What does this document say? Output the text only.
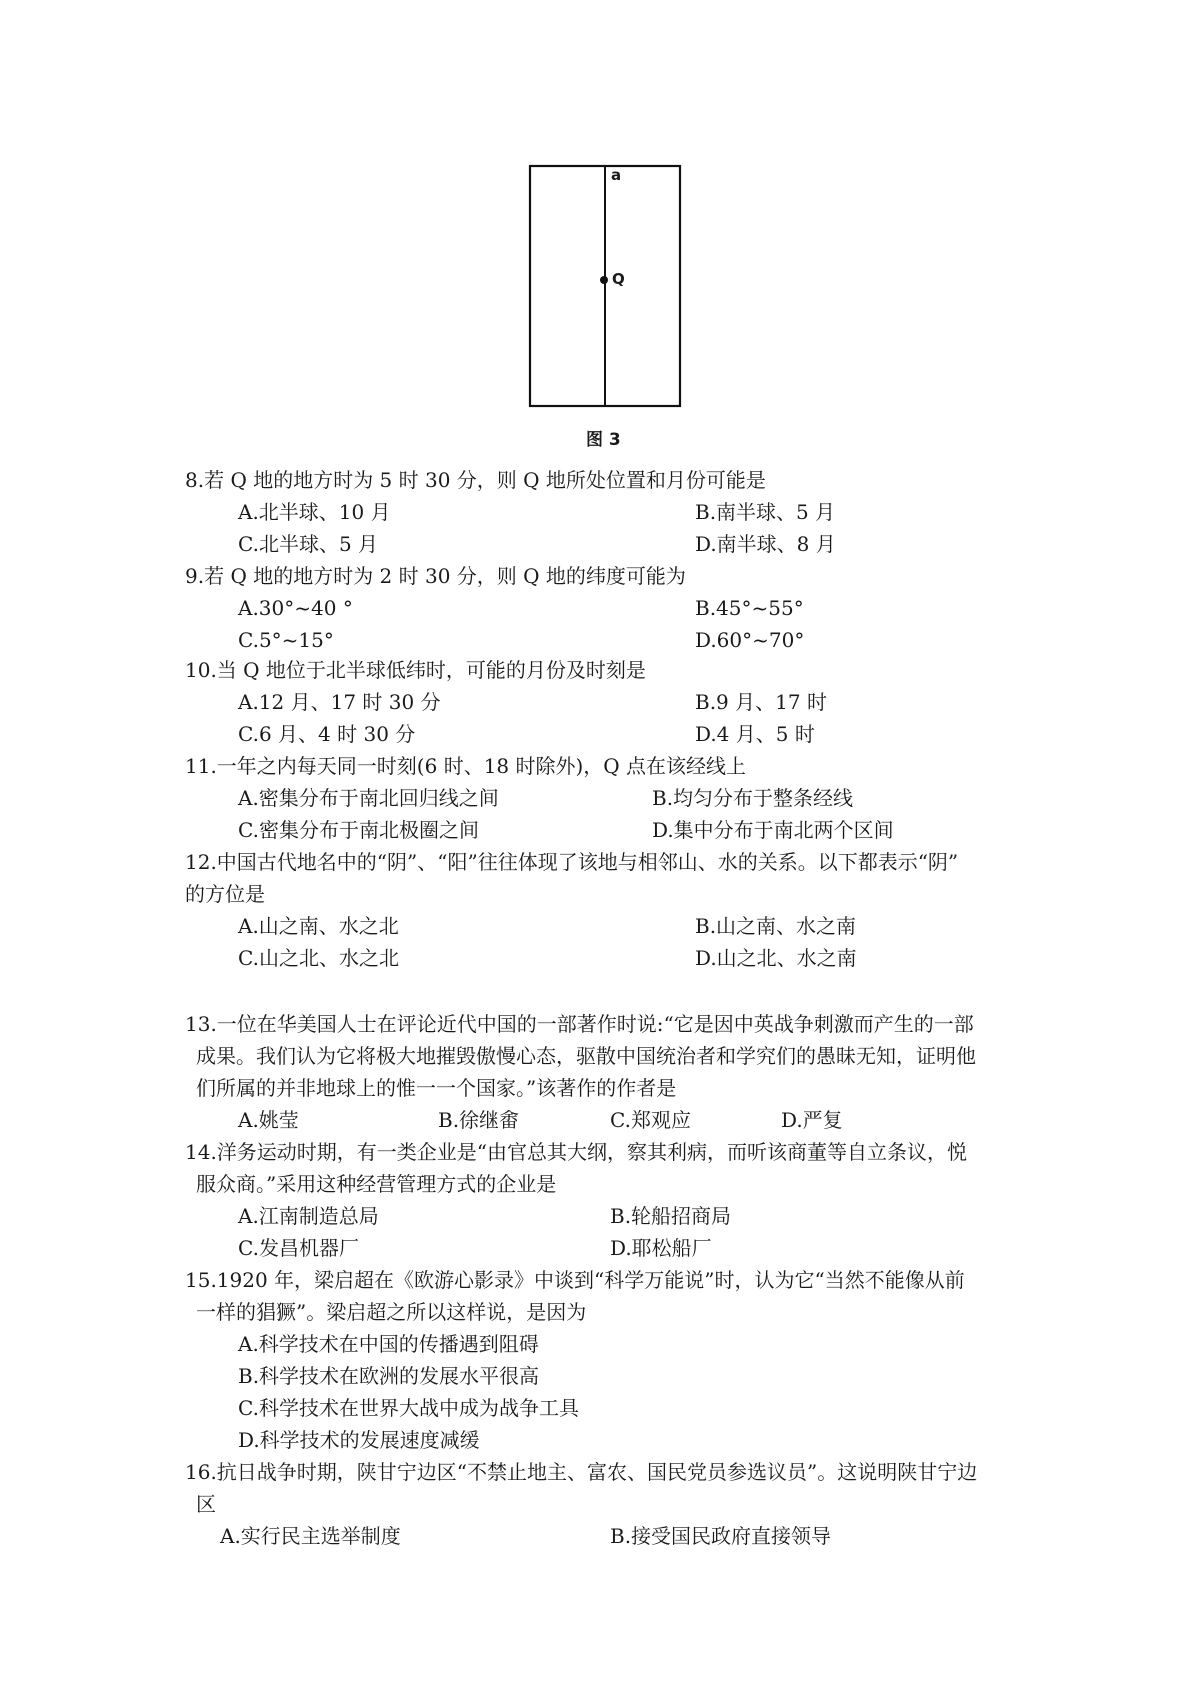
a
Q
图 3
8.若 Q 地的地方时为 5 时 30 分，则 Q 地所处位置和月份可能是
A.北半球、10 月	B.南半球、5 月
C.北半球、5 月	D.南半球、8 月
9.若 Q 地的地方时为 2 时 30 分，则 Q 地的纬度可能为
A.30°~40 °	B.45°~55°
C.5°~15°	D.60°~70°
10.当 Q 地位于北半球低纬时，可能的月份及时刻是
A.12 月、17 时 30 分	B.9 月、17 时
C.6 月、4 时 30 分	D.4 月、5 时
11.一年之内每天同一时刻(6 时、18 时除外)，Q 点在该经线上
A.密集分布于南北回归线之间	B.均匀分布于整条经线
C.密集分布于南北极圈之间	D.集中分布于南北两个区间
12.中国古代地名中的“阴”、“阳”往往体现了该地与相邻山、水的关系。以下都表示“阴”
的方位是
A.山之南、水之北	B.山之南、水之南
C.山之北、水之北	D.山之北、水之南
13.一位在华美国人士在评论近代中国的一部著作时说:“它是因中英战争刺激而产生的一部
成果。我们认为它将极大地摧毁傲慢心态，驱散中国统治者和学究们的愚昧无知，证明他
们所属的并非地球上的惟一一个国家。”该著作的作者是
A.姚莹	B.徐继畬	C.郑观应	D.严复
14.洋务运动时期，有一类企业是“由官总其大纲，察其利病，而听该商董等自立条议，悦
服众商。”采用这种经营管理方式的企业是
A.江南制造总局	B.轮船招商局
C.发昌机器厂	D.耶松船厂
15.1920 年，梁启超在《欧游心影录》中谈到“科学万能说”时，认为它“当然不能像从前
一样的猖獗”。梁启超之所以这样说，是因为
A.科学技术在中国的传播遇到阻碍
B.科学技术在欧洲的发展水平很高
C.科学技术在世界大战中成为战争工具
D.科学技术的发展速度减缓
16.抗日战争时期，陕甘宁边区“不禁止地主、富农、国民党员参选议员”。这说明陕甘宁边
区
A.实行民主选举制度	B.接受国民政府直接领导
